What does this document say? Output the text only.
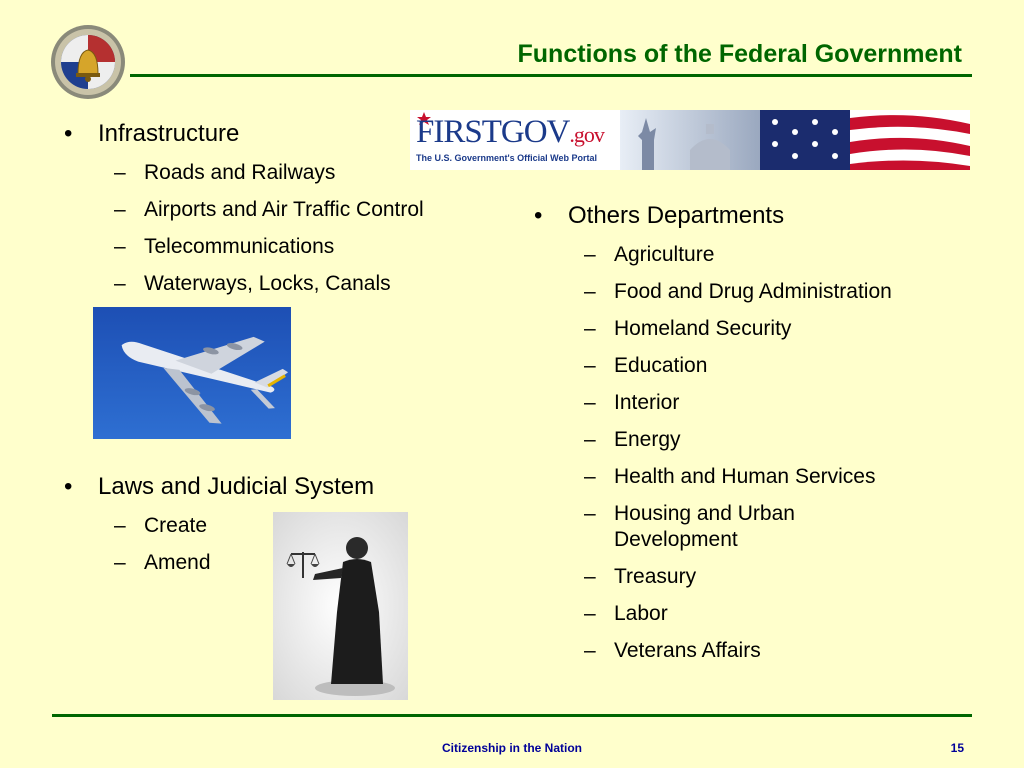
Functions of the Federal Government
FIRSTGOV.gov
The U.S. Government's Official Web Portal
•	Infrastructure
– Roads and Railways
– Airports and Air Traffic Control
– Telecommunications
– Waterways, Locks, Canals
•	Laws and Judicial System
– Create
– Amend
•	Others Departments
– Agriculture
– Food and Drug Administration
– Homeland Security
– Education
– Interior
– Energy
– Health and Human Services
– Housing and Urban Development
– Treasury
– Labor
– Veterans Affairs
Citizenship in the Nation	15
